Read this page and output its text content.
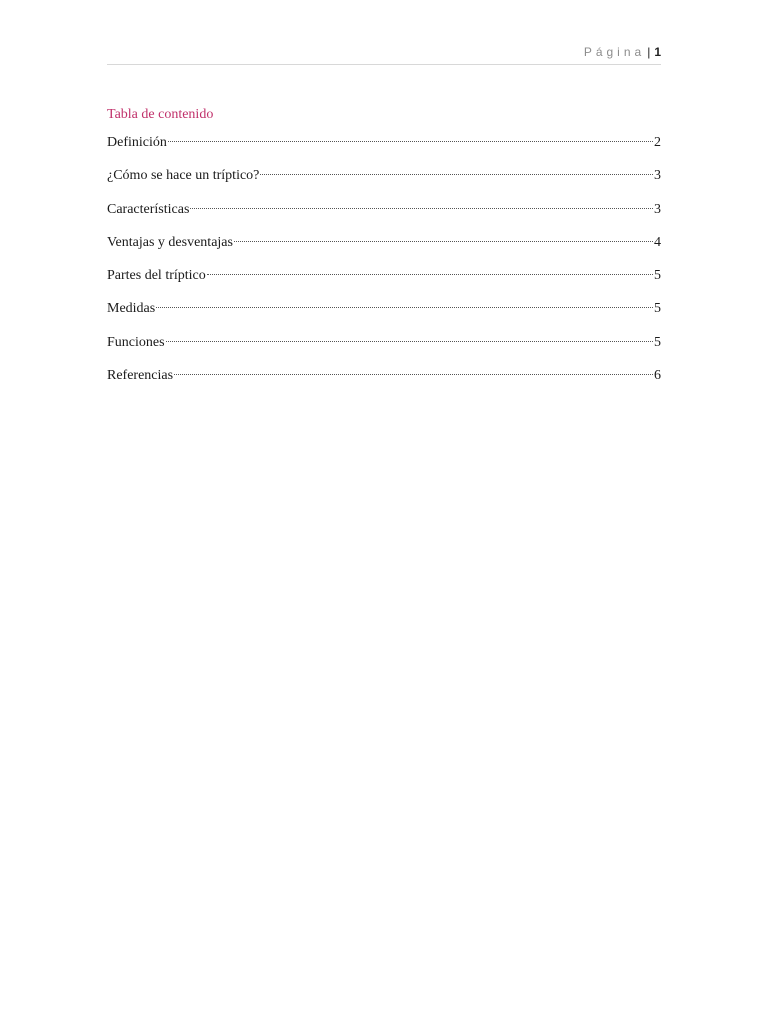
Página | 1
Tabla de contenido
Definición	2
¿Cómo se hace un tríptico?	3
Características	3
Ventajas y desventajas	4
Partes del tríptico	5
Medidas	5
Funciones	5
Referencias	6
